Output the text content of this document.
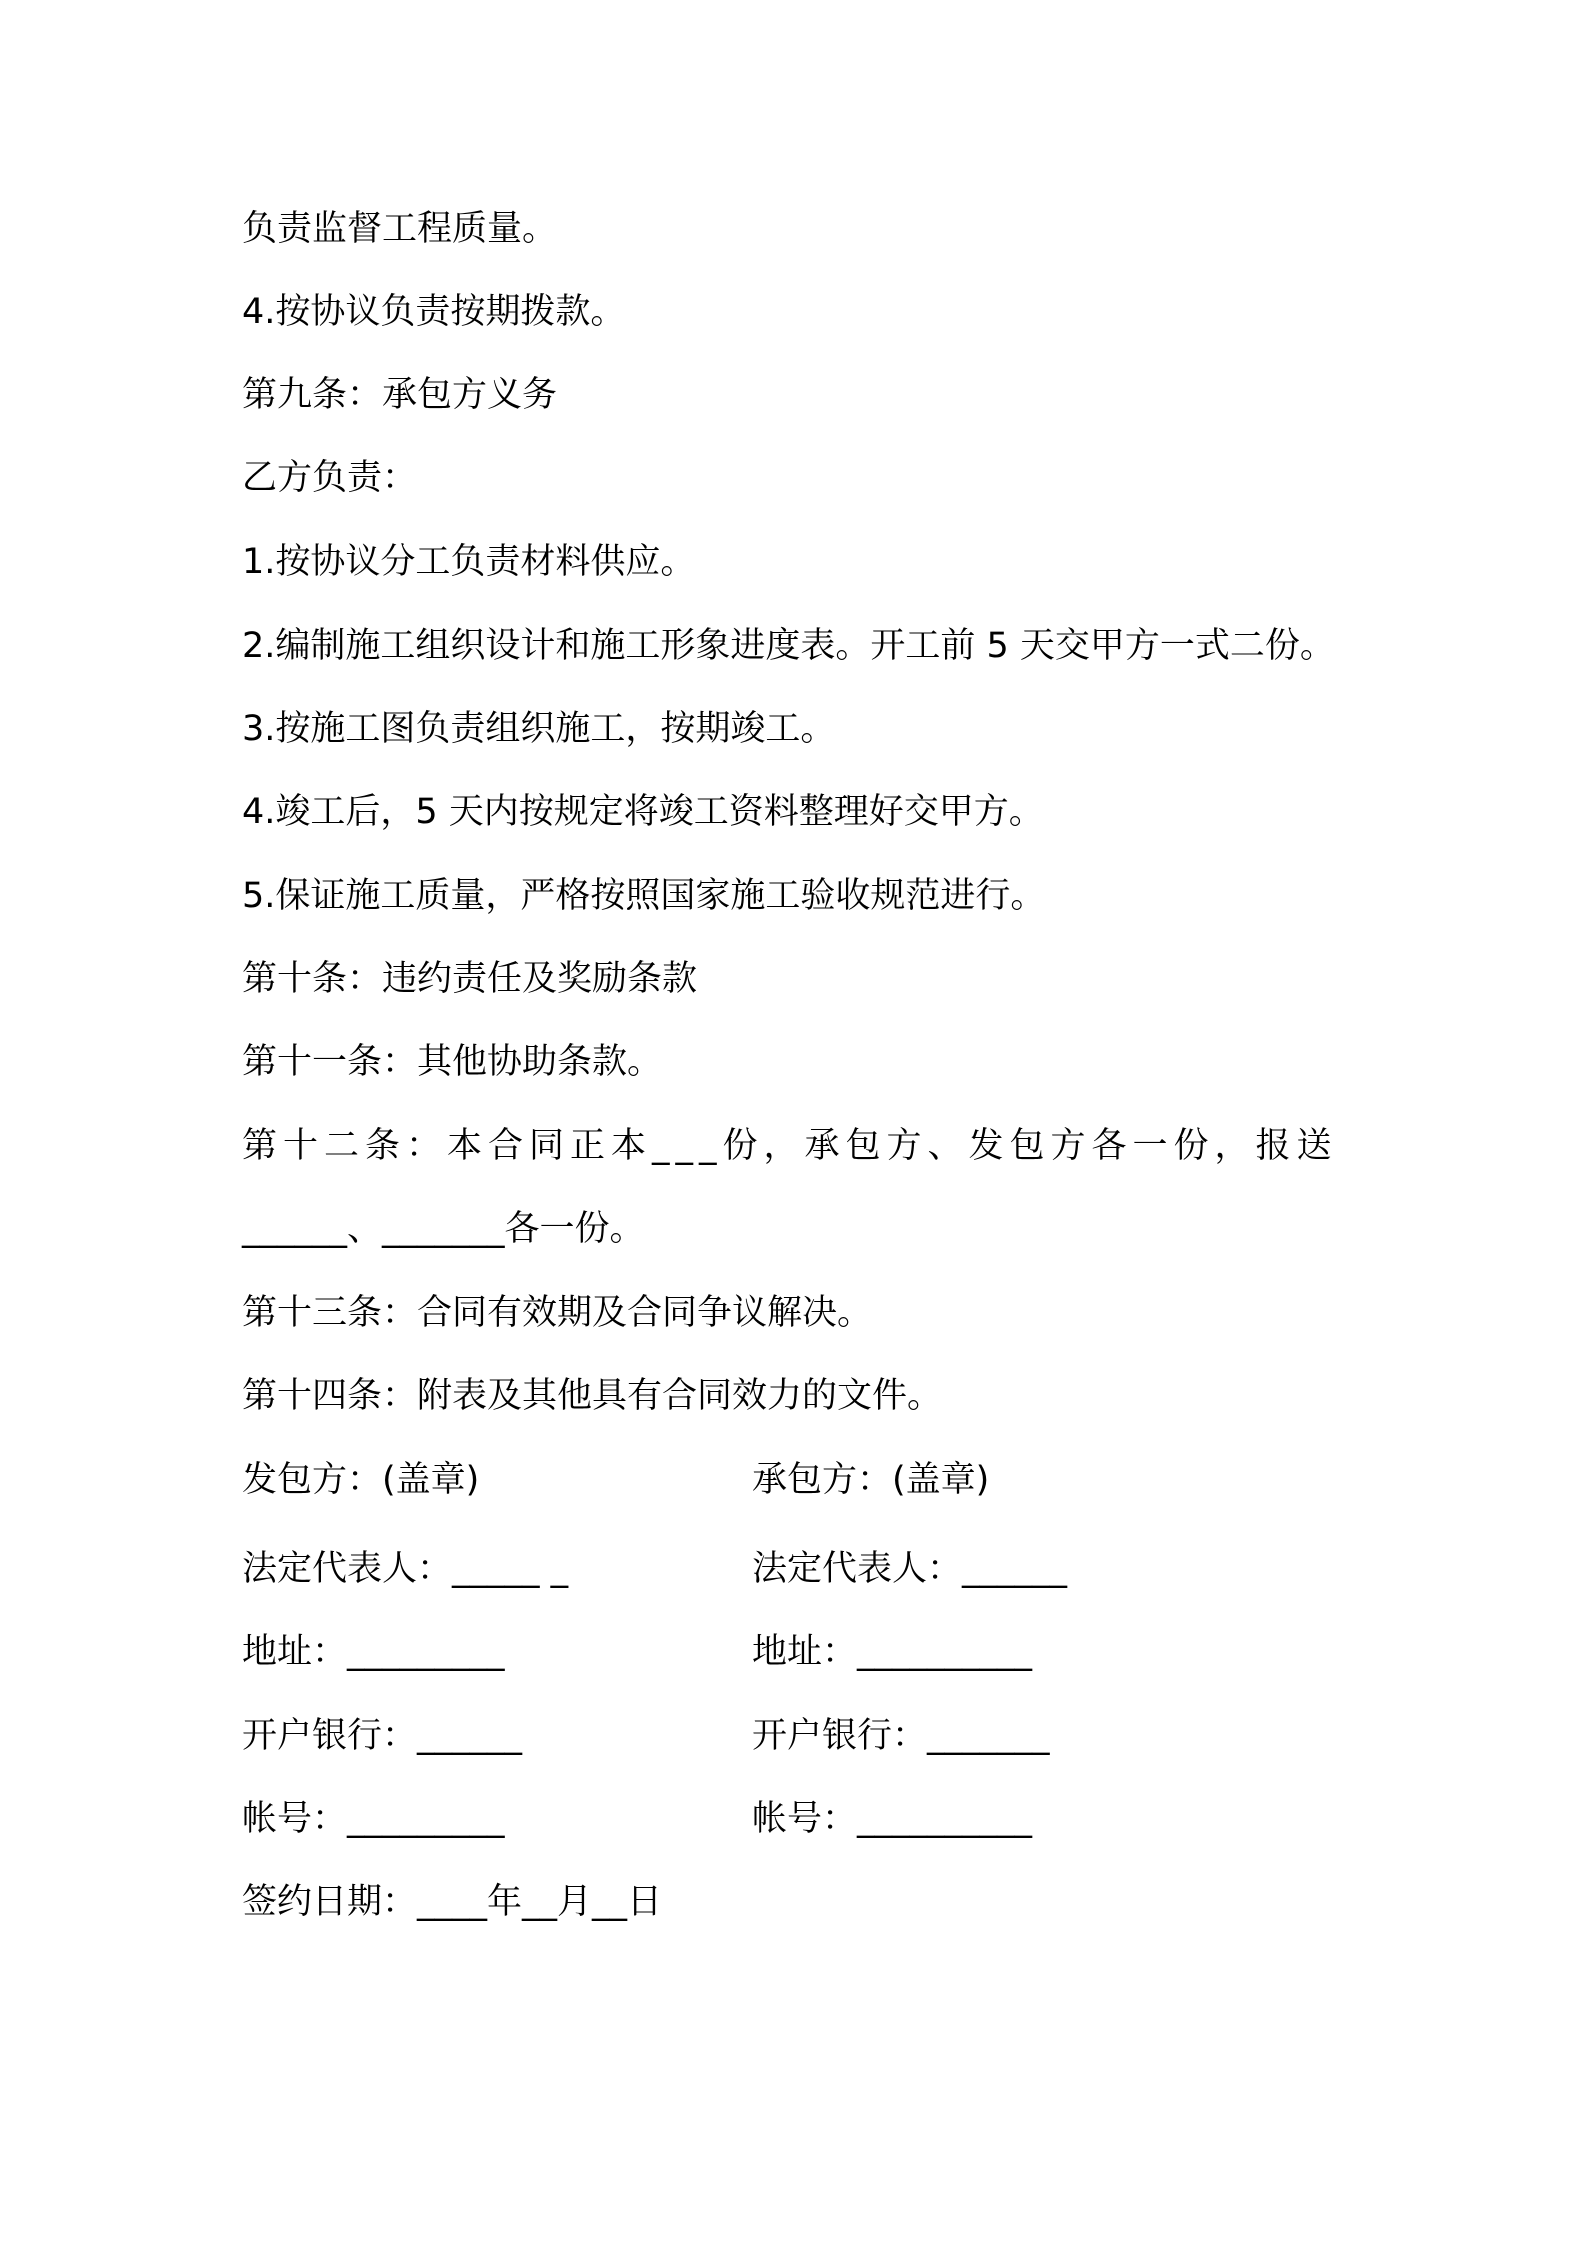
负责监督工程质量。
4.按协议负责按期拨款。
第九条：承包方义务
乙方负责：
1.按协议分工负责材料供应。
2.编制施工组织设计和施工形象进度表。开工前 5 天交甲方一式二份。
3.按施工图负责组织施工，按期竣工。
4.竣工后，5 天内按规定将竣工资料整理好交甲方。
5.保证施工质量，严格按照国家施工验收规范进行。
第十条：违约责任及奖励条款
第十一条：其他协助条款。
第十二条：本合同正本___份，承包方、发包方各一份，报送
______、_______各一份。
第十三条：合同有效期及合同争议解决。
第十四条：附表及其他具有合同效力的文件。
发包方：(盖章)	承包方：(盖章)
法定代表人：_____ _	法定代表人：______
地址：_________	地址：__________
开户银行：______	开户银行：_______
帐号：_________	帐号：__________
签约日期：____年__月__日
